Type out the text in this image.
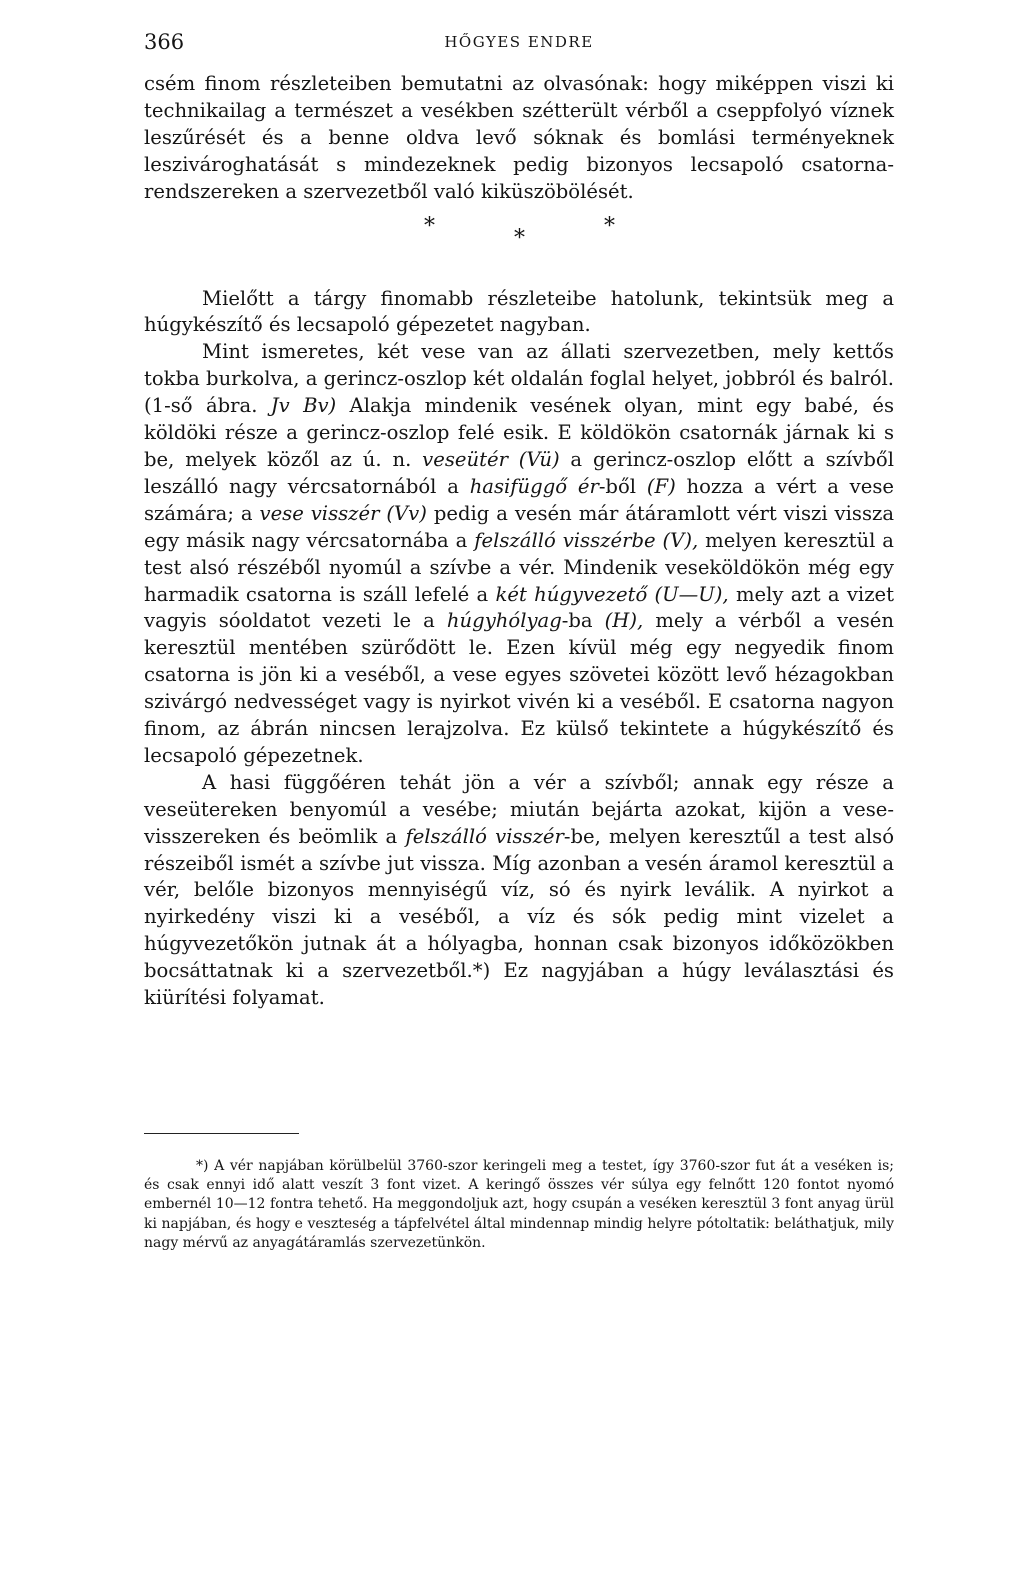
366	HŐGYES ENDRE

csém finom részleteiben bemutatni az olvasónak: hogy miképpen viszi ki technikailag a természet a vesékben szétterült vérből a cseppfolyó víznek leszűrését és a benne oldva levő sóknak és bomlási terményeknek leszivároghatását s mindezeknek pedig bizonyos lecsapoló csatorna-rendszereken a szervezetből való kiküszöbölését.

*	*	*

Mielőtt a tárgy finomabb részleteibe hatolunk, tekintsük meg a húgykészítő és lecsapoló gépezetet nagyban.

Mint ismeretes, két vese van az állati szervezetben, mely kettős tokba burkolva, a gerincz-oszlop két oldalán foglal helyet, jobbról és balról. (1-ső ábra. Jv Bv) Alakja mindenik vesének olyan, mint egy babé, és köldöki része a gerincz-oszlop felé esik. E köldökön csatornák járnak ki s be, melyek közől az ú. n. veseütér (Vü) a gerincz-oszlop előtt a szívből leszálló nagy vércsatornából a hasifüggő ér-ből (F) hozza a vért a vese számára; a vese visszér (Vv) pedig a vesén már átáramlott vért viszi vissza egy másik nagy vércsatornába a felszálló visszérbe (V), melyen keresztül a test alsó részéből nyomúl a szívbe a vér. Mindenik veseköldökön még egy harmadik csatorna is száll lefelé a két húgyvezető (U—U), mely azt a vizet vagyis sóoldatot vezeti le a húgyhólyag-ba (H), mely a vérből a vesén keresztül mentében szürődött le. Ezen kívül még egy negyedik finom csatorna is jön ki a veséből, a vese egyes szövetei között levő hézagokban szivárgó nedvességet vagy is nyirkot vivén ki a veséből. E csatorna nagyon finom, az ábrán nincsen lerajzolva. Ez külső tekintete a húgykészítő és lecsapoló gépezetnek.

A hasi függőéren tehát jön a vér a szívből; annak egy része a veseütereken benyomúl a vesébe; miután bejárta azokat, kijön a vese-visszereken és beömlik a felszálló visszér-be, melyen keresztűl a test alsó részeiből ismét a szívbe jut vissza. Míg azonban a vesén áramol keresztül a vér, belőle bizonyos mennyiségű víz, só és nyirk leválik. A nyirkot a nyirkedény viszi ki a veséből, a víz és sók pedig mint vizelet a húgyvezetőkön jutnak át a hólyagba, honnan csak bizonyos időközökben bocsáttatnak ki a szervezetből.*) Ez nagyjában a húgy leválasztási és kiürítési folyamat.

*) A vér napjában körülbelül 3760-szor keringeli meg a testet, így 3760-szor fut át a veséken is; és csak ennyi idő alatt veszít 3 font vizet. A keringő összes vér súlya egy felnőtt 120 fontot nyomó embernél 10—12 fontra tehető. Ha meggondoljuk azt, hogy csupán a veséken keresztül 3 font anyag ürül ki napjában, és hogy e veszteség a tápfelvétel által mindennap mindig helyre pótoltatik: beláthatjuk, mily nagy mérvű az anyagátáramlás szervezetünkön.
